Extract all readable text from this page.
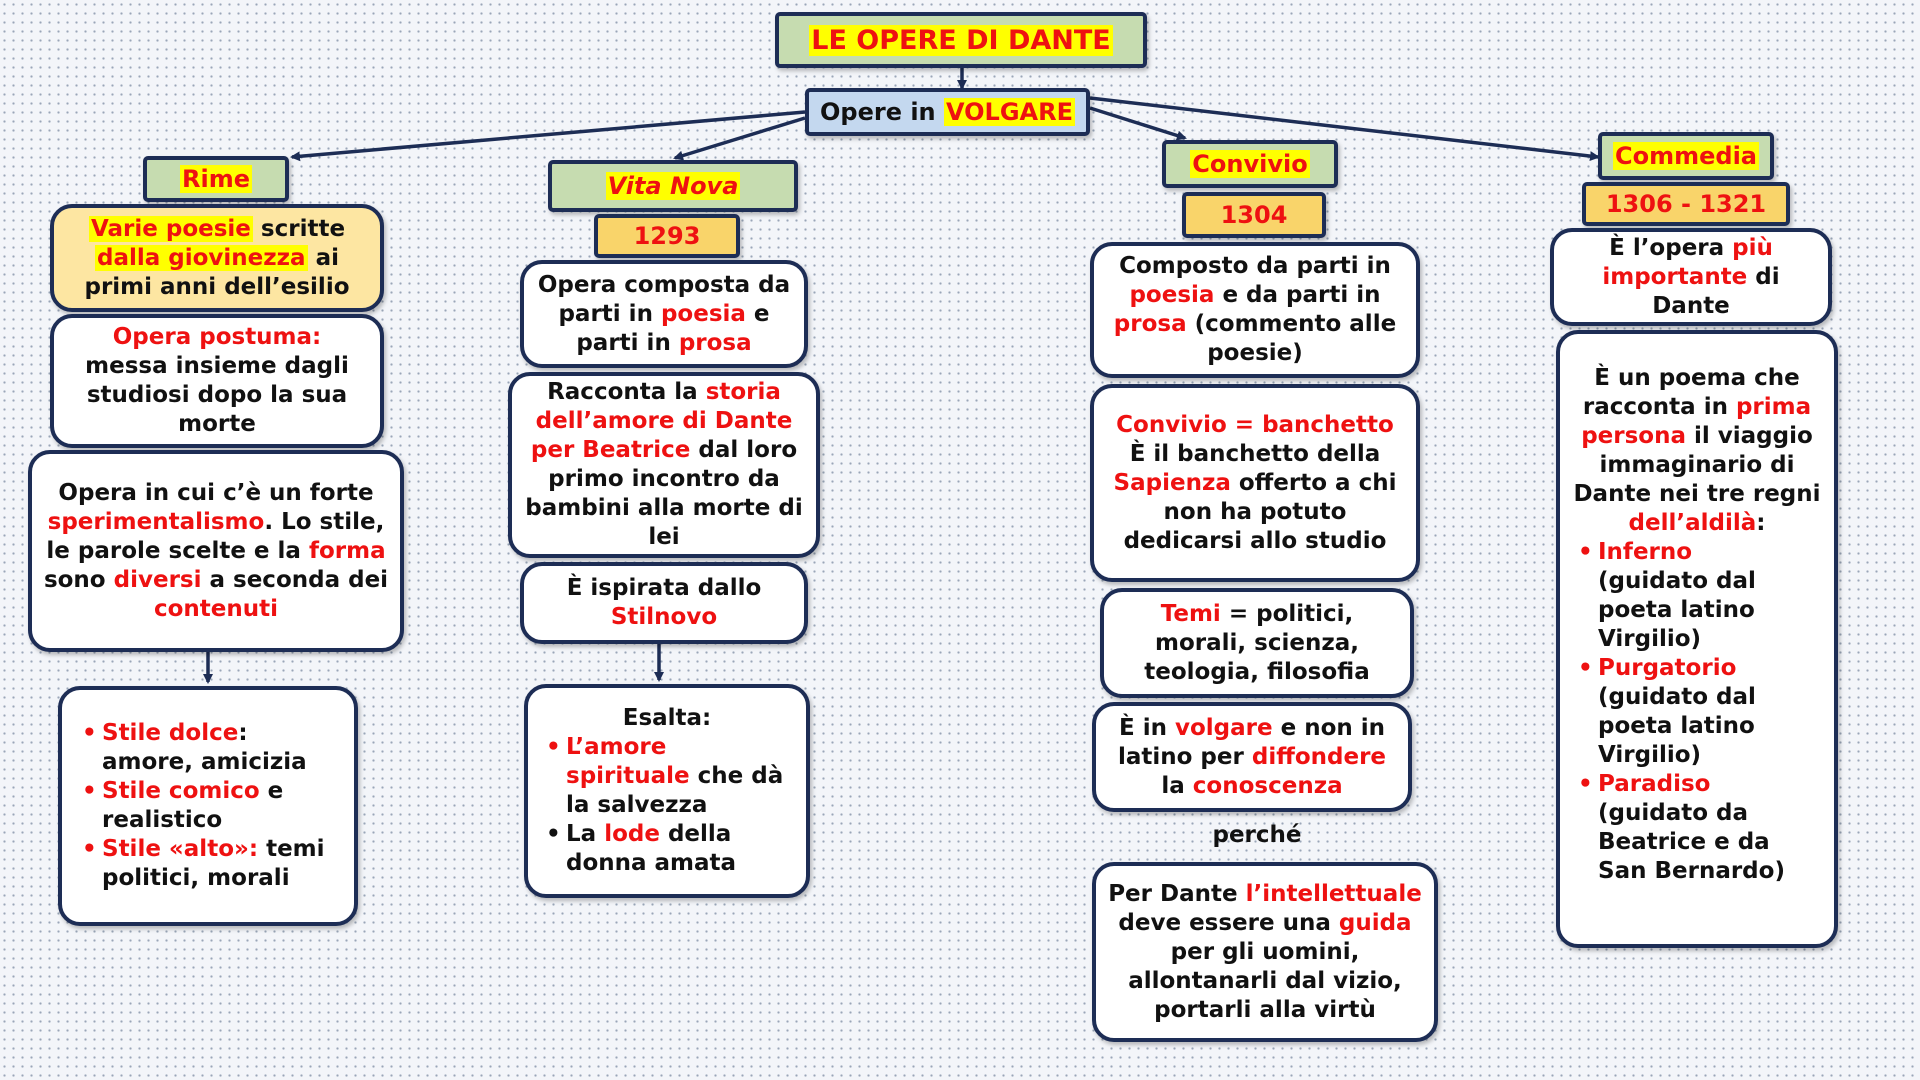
LE OPERE DI DANTE
Opere in VOLGARE
Rime
Varie poesie scritte dalla giovinezza ai primi anni dell’esilio
Opera postuma:
messa insieme dagli studiosi dopo la sua morte
Opera in cui c’è un forte sperimentalismo. Lo stile, le parole scelte e la forma sono diversi a seconda dei contenuti
• Stile dolce: amore, amicizia
• Stile comico e realistico
• Stile «alto»: temi politici, morali
Vita Nova
1293
Opera composta da parti in poesia e parti in prosa
Racconta la storia dell’amore di Dante per Beatrice dal loro primo incontro da bambini alla morte di lei
È ispirata dallo Stilnovo
Esalta:
• L’amore spirituale che dà la salvezza
• La lode della donna amata
Convivio
1304
Composto da parti in poesia e da parti in prosa (commento alle poesie)
Convivio = banchetto
È il banchetto della Sapienza offerto a chi non ha potuto dedicarsi allo studio
Temi = politici, morali, scienza, teologia, filosofia
È in volgare e non in latino per diffondere la conoscenza
perché
Per Dante l’intellettuale deve essere una guida per gli uomini, allontanarli dal vizio, portarli alla virtù
Commedia
1306 - 1321
È l’opera più importante di Dante
È un poema che racconta in prima persona il viaggio immaginario di Dante nei tre regni dell’aldilà:
• Inferno
(guidato dal poeta latino Virgilio)
• Purgatorio
(guidato dal poeta latino Virgilio)
• Paradiso
(guidato da Beatrice e da San Bernardo)
